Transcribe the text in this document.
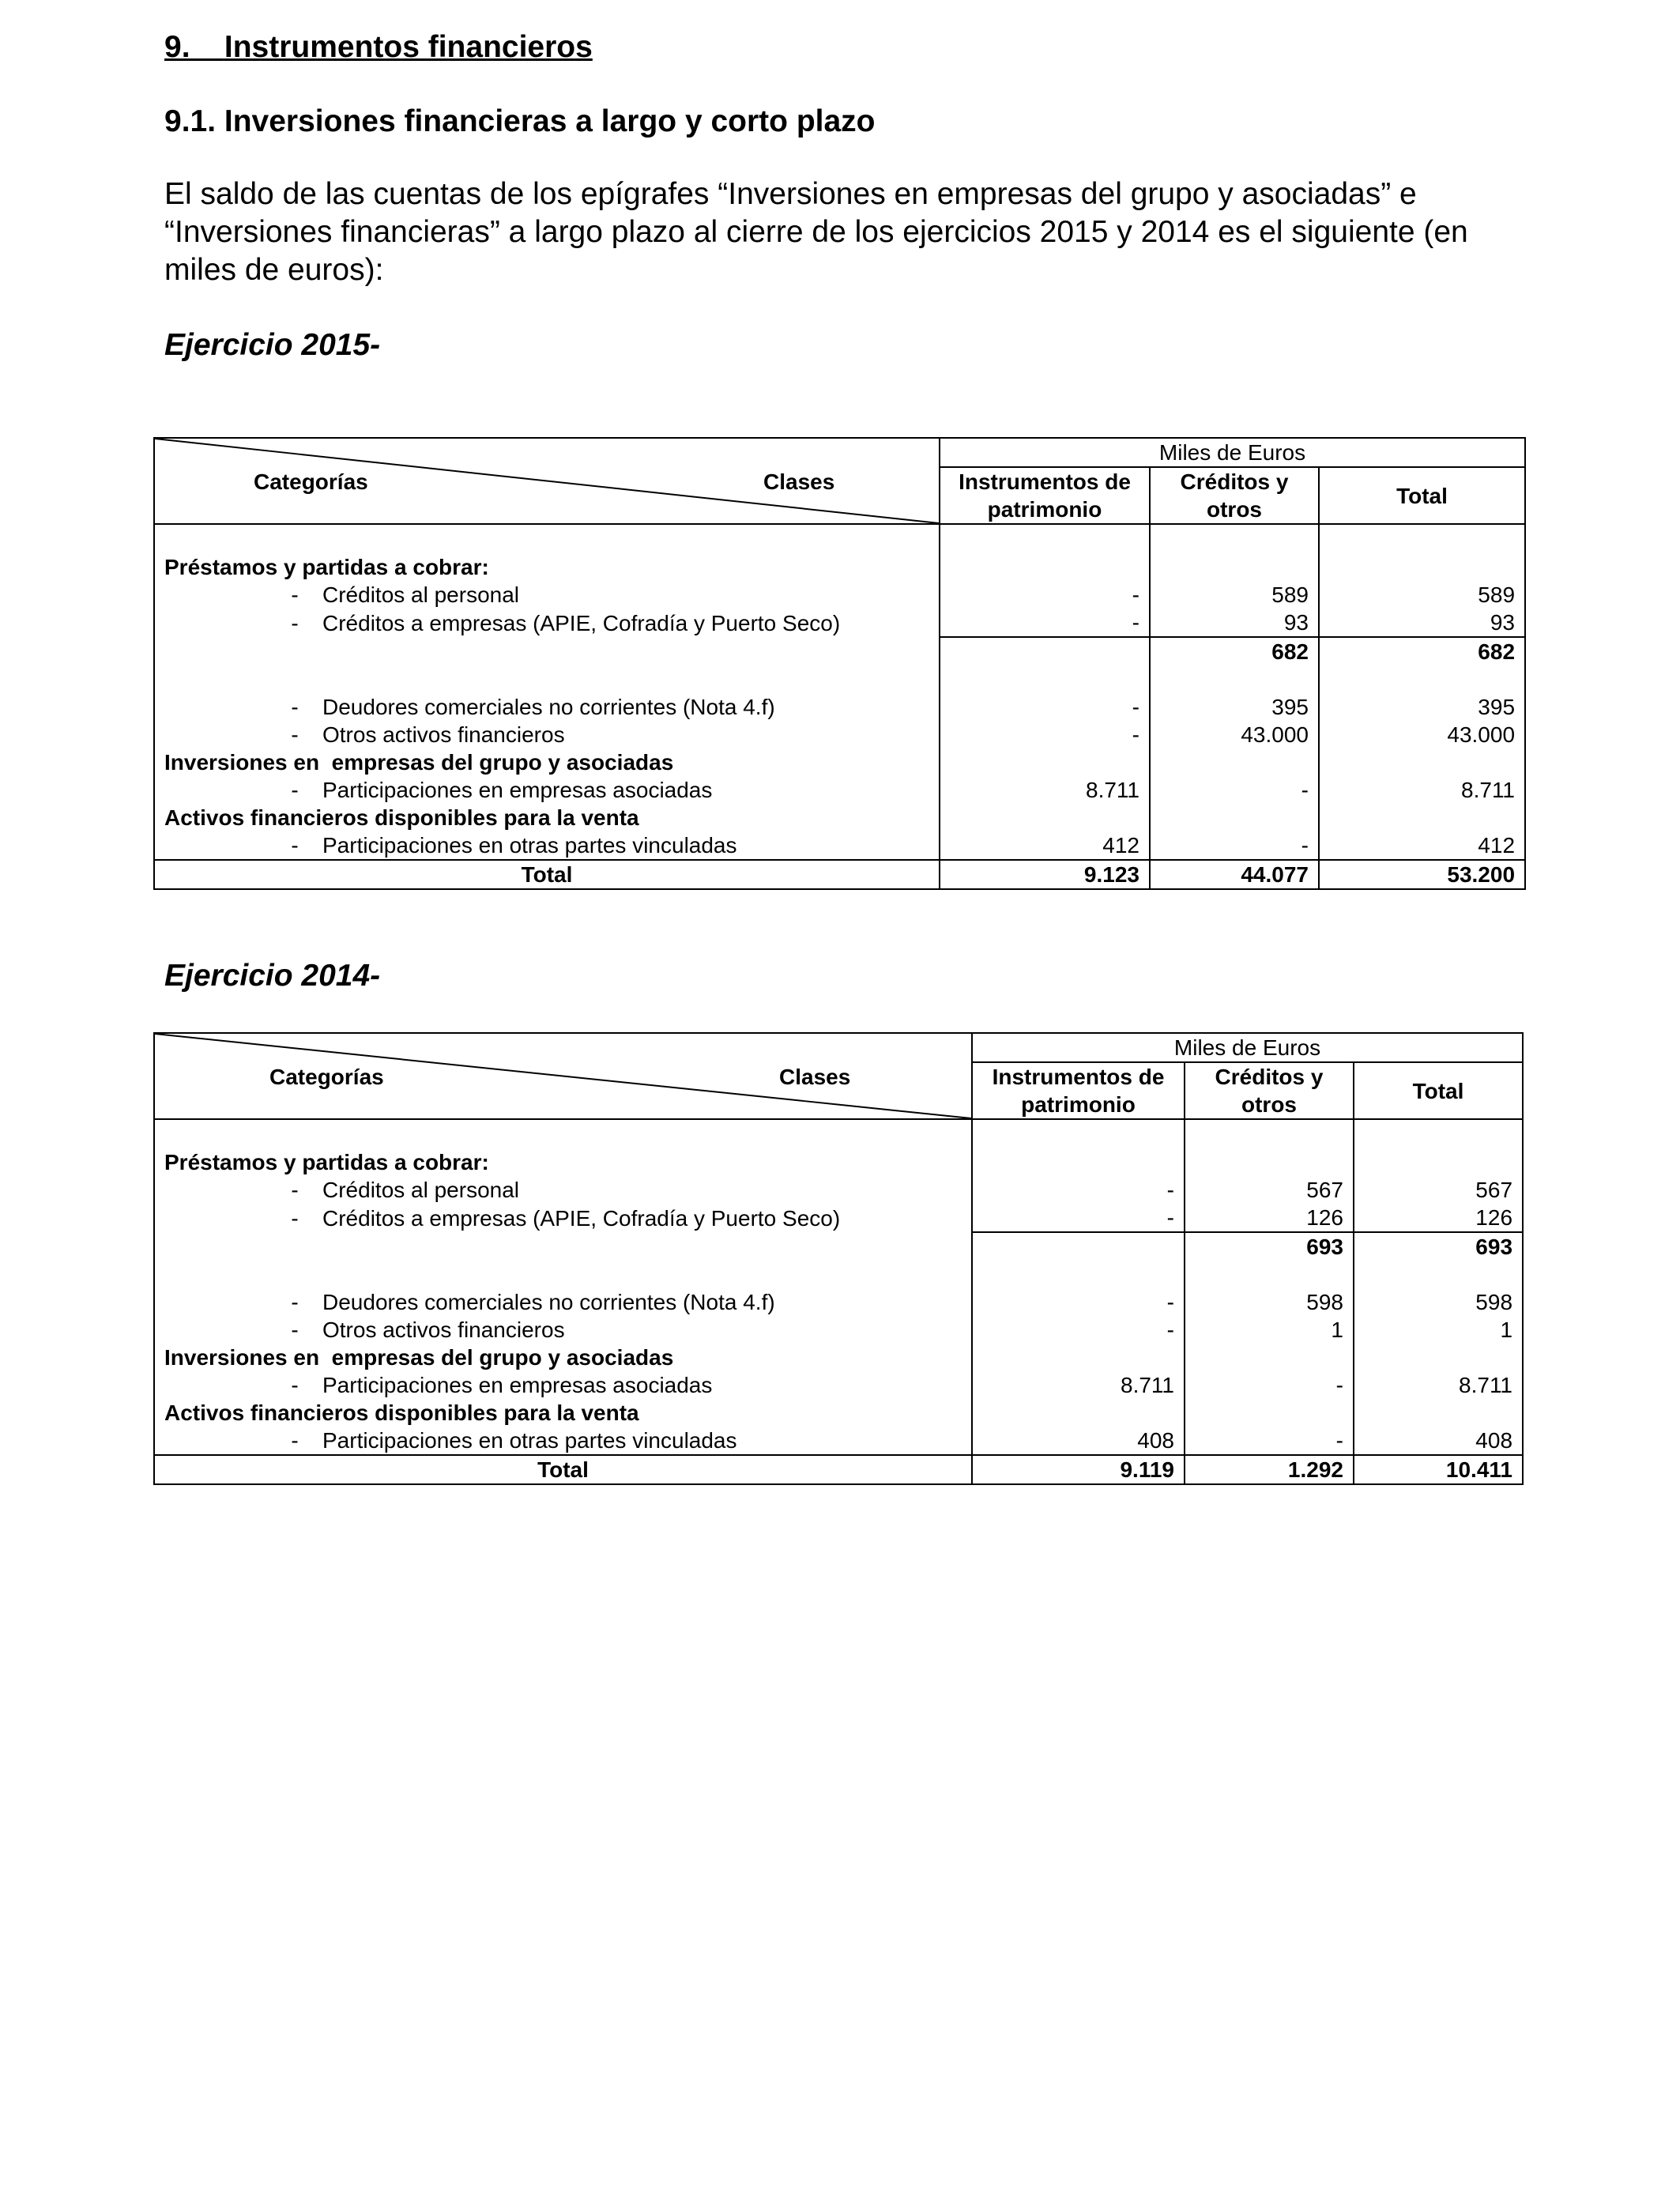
9. Instrumentos financieros
9.1. Inversiones financieras a largo y corto plazo
El saldo de las cuentas de los epígrafes “Inversiones en empresas del grupo y asociadas” e “Inversiones financieras” a largo plazo al cierre de los ejercicios 2015 y 2014 es el siguiente (en miles de euros):
Ejercicio 2015-
Categorías Clases	Miles de Euros		
	Instrumentos de patrimonio	Créditos y otros	Total

Préstamos y partidas a cobrar:			
- Créditos al personal	-	589	589
- Créditos a empresas (APIE, Cofradía y Puerto Seco)	-	93	93
		682	682

- Deudores comerciales no corrientes (Nota 4.f)	-	395	395
- Otros activos financieros	-	43.000	43.000
Inversiones en  empresas del grupo y asociadas			
- Participaciones en empresas asociadas	8.711	-	8.711
Activos financieros disponibles para la venta			
- Participaciones en otras partes vinculadas	412	-	412
Total	9.123	44.077	53.200
Ejercicio 2014-
Categorías Clases	Miles de Euros		
	Instrumentos de patrimonio	Créditos y otros	Total

Préstamos y partidas a cobrar:			
- Créditos al personal	-	567	567
- Créditos a empresas (APIE, Cofradía y Puerto Seco)	-	126	126
		693	693

- Deudores comerciales no corrientes (Nota 4.f)	-	598	598
- Otros activos financieros	-	1	1
Inversiones en  empresas del grupo y asociadas			
- Participaciones en empresas asociadas	8.711	-	8.711
Activos financieros disponibles para la venta			
- Participaciones en otras partes vinculadas	408	-	408
Total	9.119	1.292	10.411
